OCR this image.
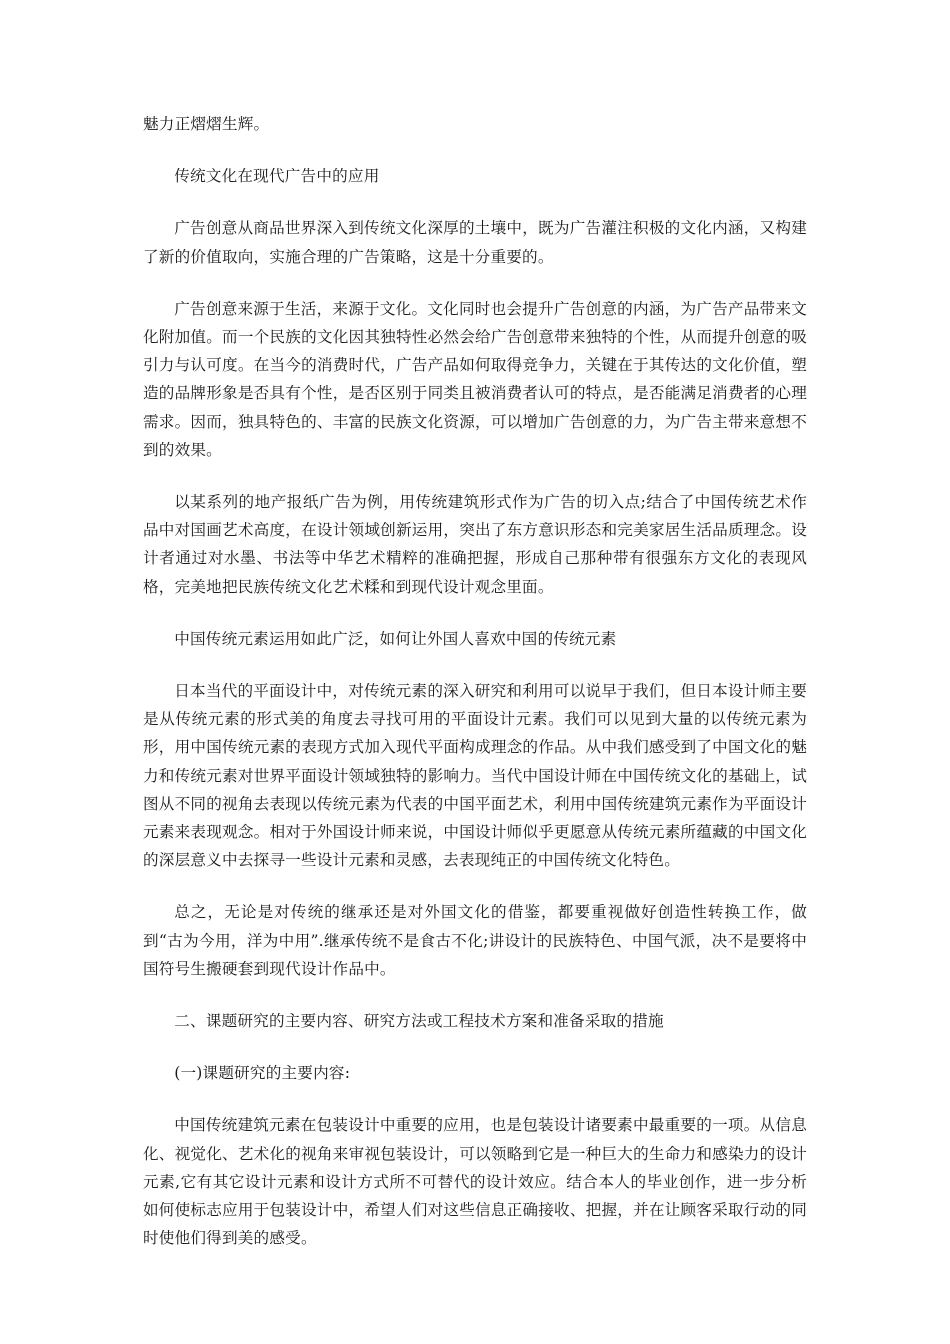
魅力正熠熠生辉。

传统文化在现代广告中的应用

广告创意从商品世界深入到传统文化深厚的土壤中，既为广告灌注积极的文化内涵，又构建了新的价值取向，实施合理的广告策略，这是十分重要的。

广告创意来源于生活，来源于文化。文化同时也会提升广告创意的内涵，为广告产品带来文化附加值。而一个民族的文化因其独特性必然会给广告创意带来独特的个性，从而提升创意的吸引力与认可度。在当今的消费时代，广告产品如何取得竞争力，关键在于其传达的文化价值，塑造的品牌形象是否具有个性，是否区别于同类且被消费者认可的特点，是否能满足消费者的心理需求。因而，独具特色的、丰富的民族文化资源，可以增加广告创意的力，为广告主带来意想不到的效果。

以某系列的地产报纸广告为例，用传统建筑形式作为广告的切入点;结合了中国传统艺术作品中对国画艺术高度，在设计领域创新运用，突出了东方意识形态和完美家居生活品质理念。设计者通过对水墨、书法等中华艺术精粹的准确把握，形成自己那种带有很强东方文化的表现风格，完美地把民族传统文化艺术糅和到现代设计观念里面。

中国传统元素运用如此广泛，如何让外国人喜欢中国的传统元素

日本当代的平面设计中，对传统元素的深入研究和利用可以说早于我们，但日本设计师主要是从传统元素的形式美的角度去寻找可用的平面设计元素。我们可以见到大量的以传统元素为形，用中国传统元素的表现方式加入现代平面构成理念的作品。从中我们感受到了中国文化的魅力和传统元素对世界平面设计领域独特的影响力。当代中国设计师在中国传统文化的基础上，试图从不同的视角去表现以传统元素为代表的中国平面艺术，利用中国传统建筑元素作为平面设计元素来表现观念。相对于外国设计师来说，中国设计师似乎更愿意从传统元素所蕴藏的中国文化的深层意义中去探寻一些设计元素和灵感，去表现纯正的中国传统文化特色。

总之，无论是对传统的继承还是对外国文化的借鉴，都要重视做好创造性转换工作，做到“古为今用，洋为中用”.继承传统不是食古不化;讲设计的民族特色、中国气派，决不是要将中国符号生搬硬套到现代设计作品中。

二、课题研究的主要内容、研究方法或工程技术方案和准备采取的措施

(一)课题研究的主要内容:

中国传统建筑元素在包装设计中重要的应用，也是包装设计诸要素中最重要的一项。从信息化、视觉化、艺术化的视角来审视包装设计，可以领略到它是一种巨大的生命力和感染力的设计元素,它有其它设计元素和设计方式所不可替代的设计效应。结合本人的毕业创作，进一步分析如何使标志应用于包装设计中，希望人们对这些信息正确接收、把握，并在让顾客采取行动的同时使他们得到美的感受。
